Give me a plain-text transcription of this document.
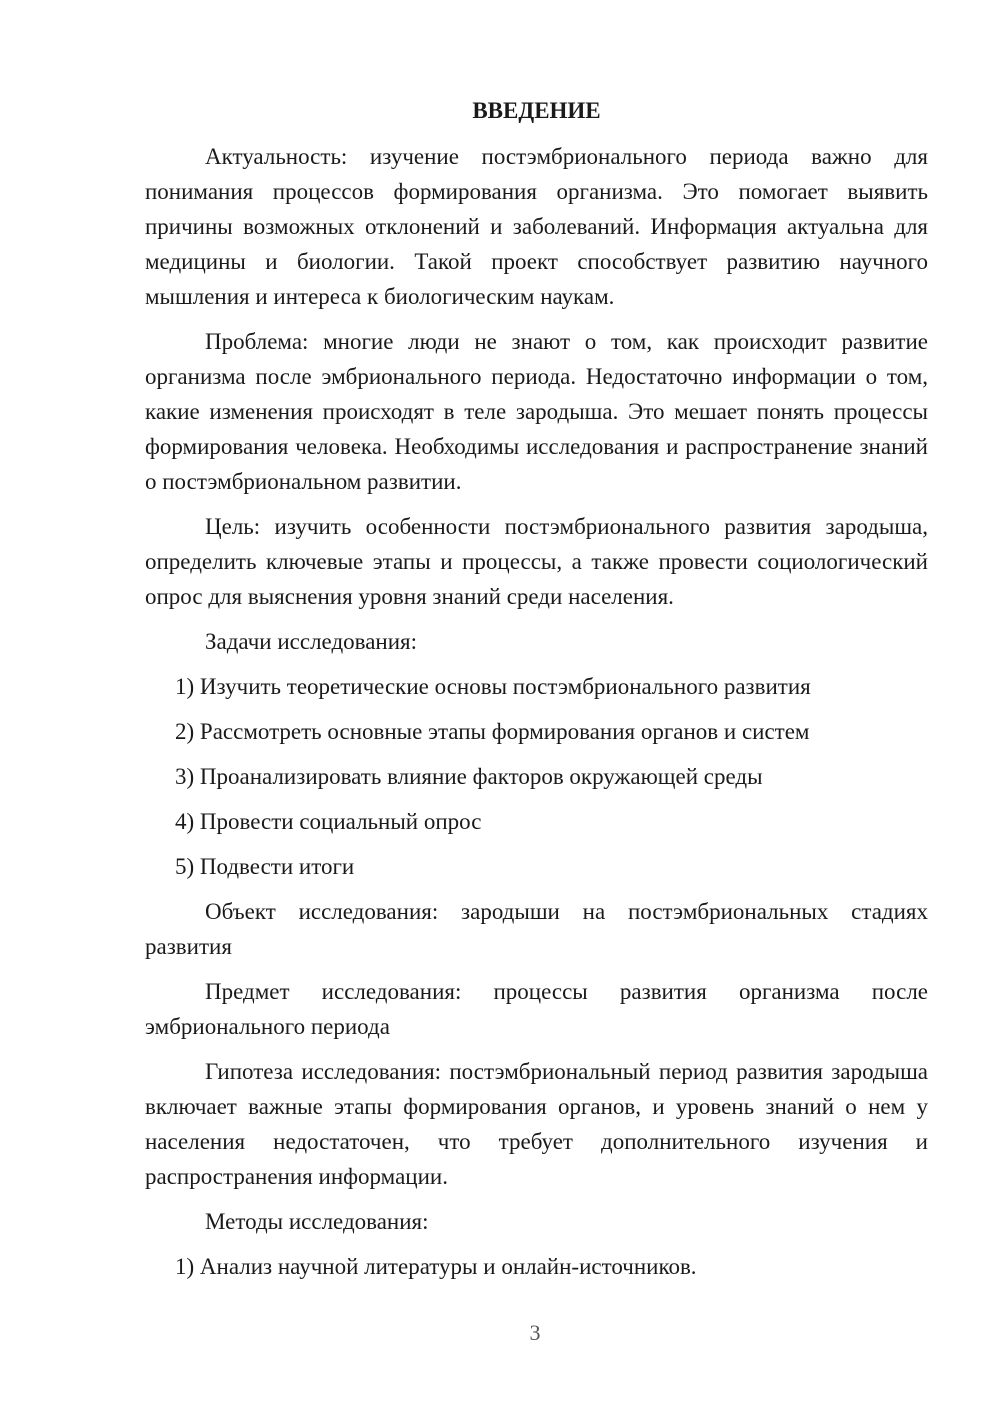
ВВЕДЕНИЕ

Актуальность: изучение постэмбрионального периода важно для понимания процессов формирования организма. Это помогает выявить причины возможных отклонений и заболеваний. Информация актуальна для медицины и биологии. Такой проект способствует развитию научного мышления и интереса к биологическим наукам.

Проблема: многие люди не знают о том, как происходит развитие организма после эмбрионального периода. Недостаточно информации о том, какие изменения происходят в теле зародыша. Это мешает понять процессы формирования человека. Необходимы исследования и распространение знаний о постэмбриональном развитии.

Цель: изучить особенности постэмбрионального развития зародыша, определить ключевые этапы и процессы, а также провести социологический опрос для выяснения уровня знаний среди населения.

Задачи исследования:
1) Изучить теоретические основы постэмбрионального развития
2) Рассмотреть основные этапы формирования органов и систем
3) Проанализировать влияние факторов окружающей среды
4) Провести социальный опрос
5) Подвести итоги

Объект исследования: зародыши на постэмбриональных стадиях развития

Предмет исследования: процессы развития организма после эмбрионального периода

Гипотеза исследования: постэмбриональный период развития зародыша включает важные этапы формирования органов, и уровень знаний о нем у населения недостаточен, что требует дополнительного изучения и распространения информации.

Методы исследования:
1) Анализ научной литературы и онлайн-источников.
3
